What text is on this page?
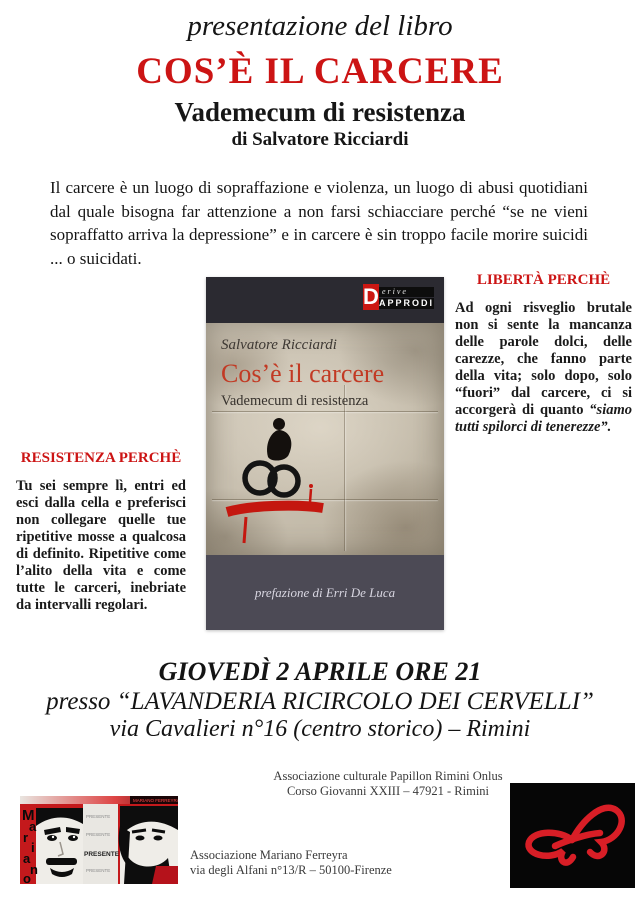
presentazione del libro
COS’È IL CARCERE
Vademecum di resistenza
di Salvatore Ricciardi
Il carcere è un luogo di sopraffazione e violenza, un luogo di abusi quotidiani dal quale bisogna far attenzione a non farsi schiacciare perché “se ne vieni sopraffatto arriva la depressione” e in carcere è sin troppo facile morire suicidi ... o suicidati.
RESISTENZA PERCHÈ

Tu sei sempre lì, entri ed esci dalla cella e preferisci non collegare quelle tue ripetitive mosse a qualcosa di definito. Ripetitive come l’alito della vita e come tutte le carceri, inebriate da intervalli regolari.

LIBERTÀ PERCHÈ

Ad ogni risveglio brutale non si sente la mancanza delle parole dolci, delle carezze, che fanno parte della vita; solo dopo, solo “fuori” dal carcere, ci si accorgerà di quanto “siamo tutti spilorci di tenerezze”.

D erive
APPRODI
Salvatore Ricciardi
Cos’è il carcere
Vademecum di resistenza
prefazione di Erri De Luca
GIOVEDÌ 2 APRILE ORE 21
presso “LAVANDERIA RICIRCOLO DEI CERVELLI”
via Cavalieri n°16 (centro storico) – Rimini
Associazione culturale Papillon Rimini Onlus
Corso Giovanni XXIII – 47921 - Rimini
Associazione Mariano Ferreyra
via degli Alfani n°13/R – 50100-Firenze
MARIANO FERREYRA
PRESENTE
PRESENTE
PRESENTE
PRESENTE
M
a
r
i
a
n
o
